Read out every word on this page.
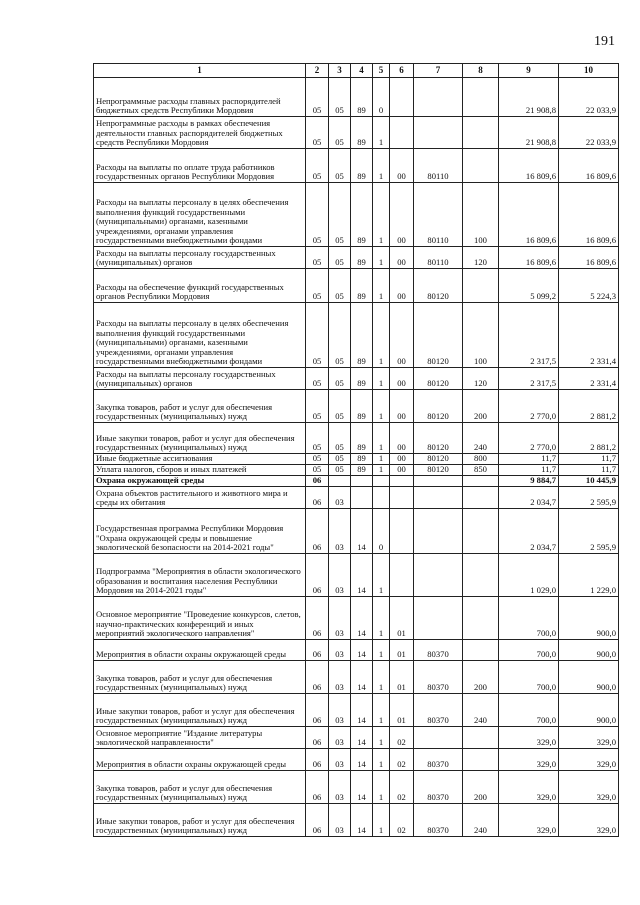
191
1	2	3	4	5	6	7	8	9	10
Непрограммные расходы главных распорядителей бюджетных средств Республики Мордовия	05	05	89	0				21 908,8	22 033,9
Непрограммные расходы в рамках обеспечения деятельности главных распорядителей бюджетных средств Республики Мордовия	05	05	89	1				21 908,8	22 033,9
Расходы на выплаты по оплате труда работников государственных органов Республики Мордовия	05	05	89	1	00	80110		16 809,6	16 809,6
Расходы на выплаты персоналу в целях обеспечения выполнения функций государственными (муниципальными) органами, казенными учреждениями, органами управления государственными внебюджетными фондами	05	05	89	1	00	80110	100	16 809,6	16 809,6
Расходы на выплаты персоналу государственных (муниципальных) органов	05	05	89	1	00	80110	120	16 809,6	16 809,6
Расходы на обеспечение функций государственных органов Республики Мордовия	05	05	89	1	00	80120		5 099,2	5 224,3
Расходы на выплаты персоналу в целях обеспечения выполнения функций государственными (муниципальными) органами, казенными учреждениями, органами управления государственными внебюджетными фондами	05	05	89	1	00	80120	100	2 317,5	2 331,4
Расходы на выплаты персоналу государственных (муниципальных) органов	05	05	89	1	00	80120	120	2 317,5	2 331,4
Закупка товаров, работ и услуг для обеспечения государственных (муниципальных) нужд	05	05	89	1	00	80120	200	2 770,0	2 881,2
Иные закупки товаров, работ и услуг для обеспечения государственных (муниципальных) нужд	05	05	89	1	00	80120	240	2 770,0	2 881,2
Иные бюджетные ассигнования	05	05	89	1	00	80120	800	11,7	11,7
Уплата налогов, сборов и иных платежей	05	05	89	1	00	80120	850	11,7	11,7
Охрана окружающей среды	06							9 884,7	10 445,9
Охрана объектов растительного и животного мира и среды их обитания	06	03						2 034,7	2 595,9
Государственная программа Республики Мордовия "Охрана окружающей среды и повышение экологической безопасности на 2014-2021 годы"	06	03	14	0				2 034,7	2 595,9
Подпрограмма "Мероприятия в области экологического образования и воспитания населения Республики Мордовия на 2014-2021 годы"	06	03	14	1				1 029,0	1 229,0
Основное мероприятие "Проведение конкурсов, слетов, научно-практических конференций и иных мероприятий экологического направления"	06	03	14	1	01			700,0	900,0
Мероприятия в области охраны окружающей среды	06	03	14	1	01	80370		700,0	900,0
Закупка товаров, работ и услуг для обеспечения государственных (муниципальных) нужд	06	03	14	1	01	80370	200	700,0	900,0
Иные закупки товаров, работ и услуг для обеспечения государственных (муниципальных) нужд	06	03	14	1	01	80370	240	700,0	900,0
Основное мероприятие "Издание литературы экологической направленности"	06	03	14	1	02			329,0	329,0
Мероприятия в области охраны окружающей среды	06	03	14	1	02	80370		329,0	329,0
Закупка товаров, работ и услуг для обеспечения государственных (муниципальных) нужд	06	03	14	1	02	80370	200	329,0	329,0
Иные закупки товаров, работ и услуг для обеспечения государственных (муниципальных) нужд	06	03	14	1	02	80370	240	329,0	329,0
